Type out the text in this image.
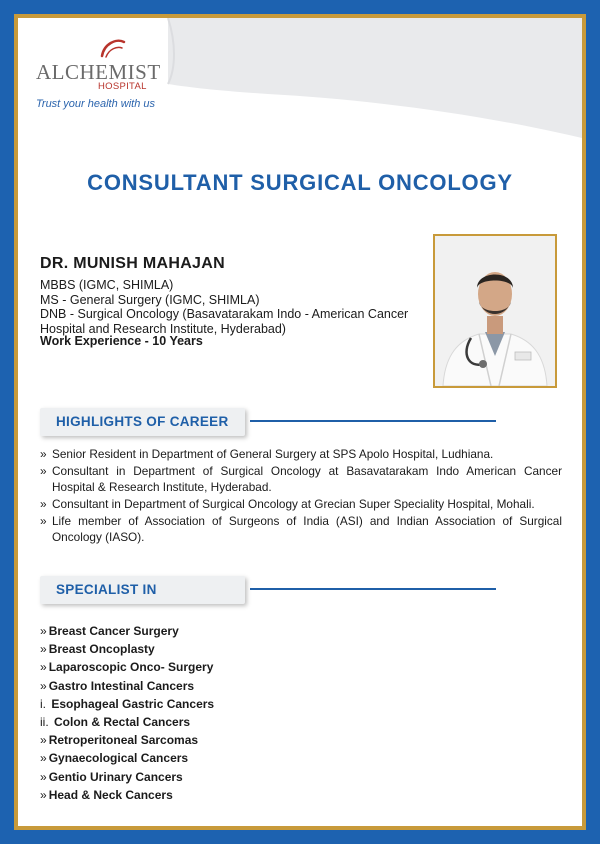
ALCHEMIST
HOSPITAL
Trust your health with us
CONSULTANT SURGICAL ONCOLOGY
DR. MUNISH MAHAJAN
MBBS (IGMC, SHIMLA)
MS - General Surgery (IGMC, SHIMLA)
DNB - Surgical Oncology (Basavatarakam Indo - American Cancer
Hospital and Research Institute, Hyderabad)
Work Experience - 10 Years
HIGHLIGHTS OF CAREER
» Senior Resident in Department of General Surgery at SPS Apolo Hospital, Ludhiana.
» Consultant in Department of Surgical Oncology at Basavatarakam Indo American Cancer Hospital & Research Institute, Hyderabad.
» Consultant in Department of Surgical Oncology at Grecian Super Speciality Hospital, Mohali.
» Life member of Association of Surgeons of India (ASI) and Indian Association of Surgical Oncology (IASO).
SPECIALIST IN
» Breast Cancer Surgery
» Breast Oncoplasty
» Laparoscopic Onco- Surgery
» Gastro Intestinal Cancers
i. Esophageal Gastric Cancers
ii. Colon & Rectal Cancers
» Retroperitoneal Sarcomas
» Gynaecological Cancers
» Gentio Urinary Cancers
» Head & Neck Cancers
